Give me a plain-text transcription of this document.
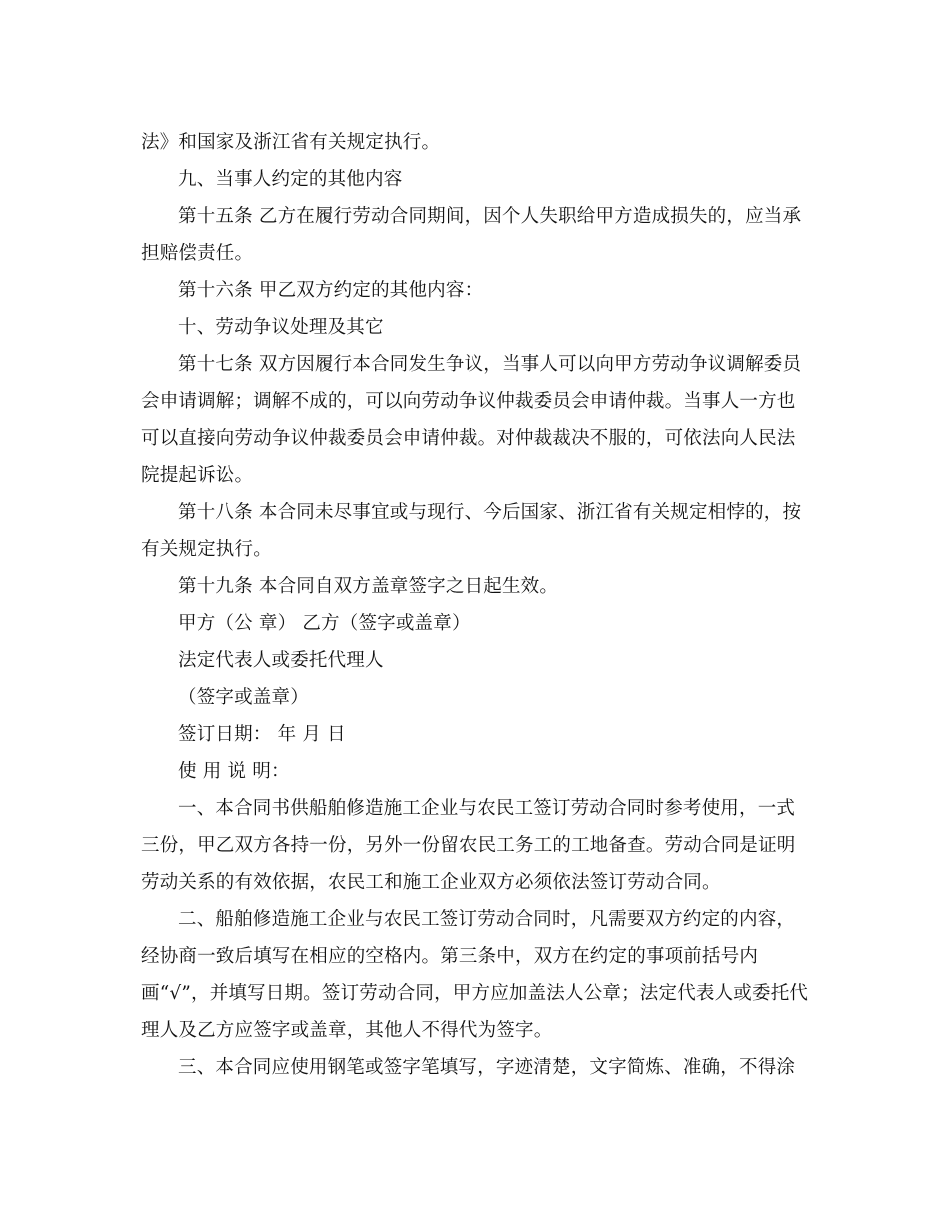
法》和国家及浙江省有关规定执行。
九、当事人约定的其他内容
第十五条 乙方在履行劳动合同期间，因个人失职给甲方造成损失的，应当承
担赔偿责任。
第十六条 甲乙双方约定的其他内容：
十、劳动争议处理及其它
第十七条 双方因履行本合同发生争议，当事人可以向甲方劳动争议调解委员
会申请调解；调解不成的，可以向劳动争议仲裁委员会申请仲裁。当事人一方也
可以直接向劳动争议仲裁委员会申请仲裁。对仲裁裁决不服的，可依法向人民法
院提起诉讼。
第十八条 本合同未尽事宜或与现行、今后国家、浙江省有关规定相悖的，按
有关规定执行。
第十九条 本合同自双方盖章签字之日起生效。
甲方（公 章） 乙方（签字或盖章）
法定代表人或委托代理人
（签字或盖章）
签订日期： 年 月 日
使 用 说 明：
一、本合同书供船舶修造施工企业与农民工签订劳动合同时参考使用，一式
三份，甲乙双方各持一份，另外一份留农民工务工的工地备查。劳动合同是证明
劳动关系的有效依据，农民工和施工企业双方必须依法签订劳动合同。
二、船舶修造施工企业与农民工签订劳动合同时，凡需要双方约定的内容，
经协商一致后填写在相应的空格内。第三条中，双方在约定的事项前括号内
画“√”，并填写日期。签订劳动合同，甲方应加盖法人公章；法定代表人或委托代
理人及乙方应签字或盖章，其他人不得代为签字。
三、本合同应使用钢笔或签字笔填写，字迹清楚，文字简炼、准确，不得涂
